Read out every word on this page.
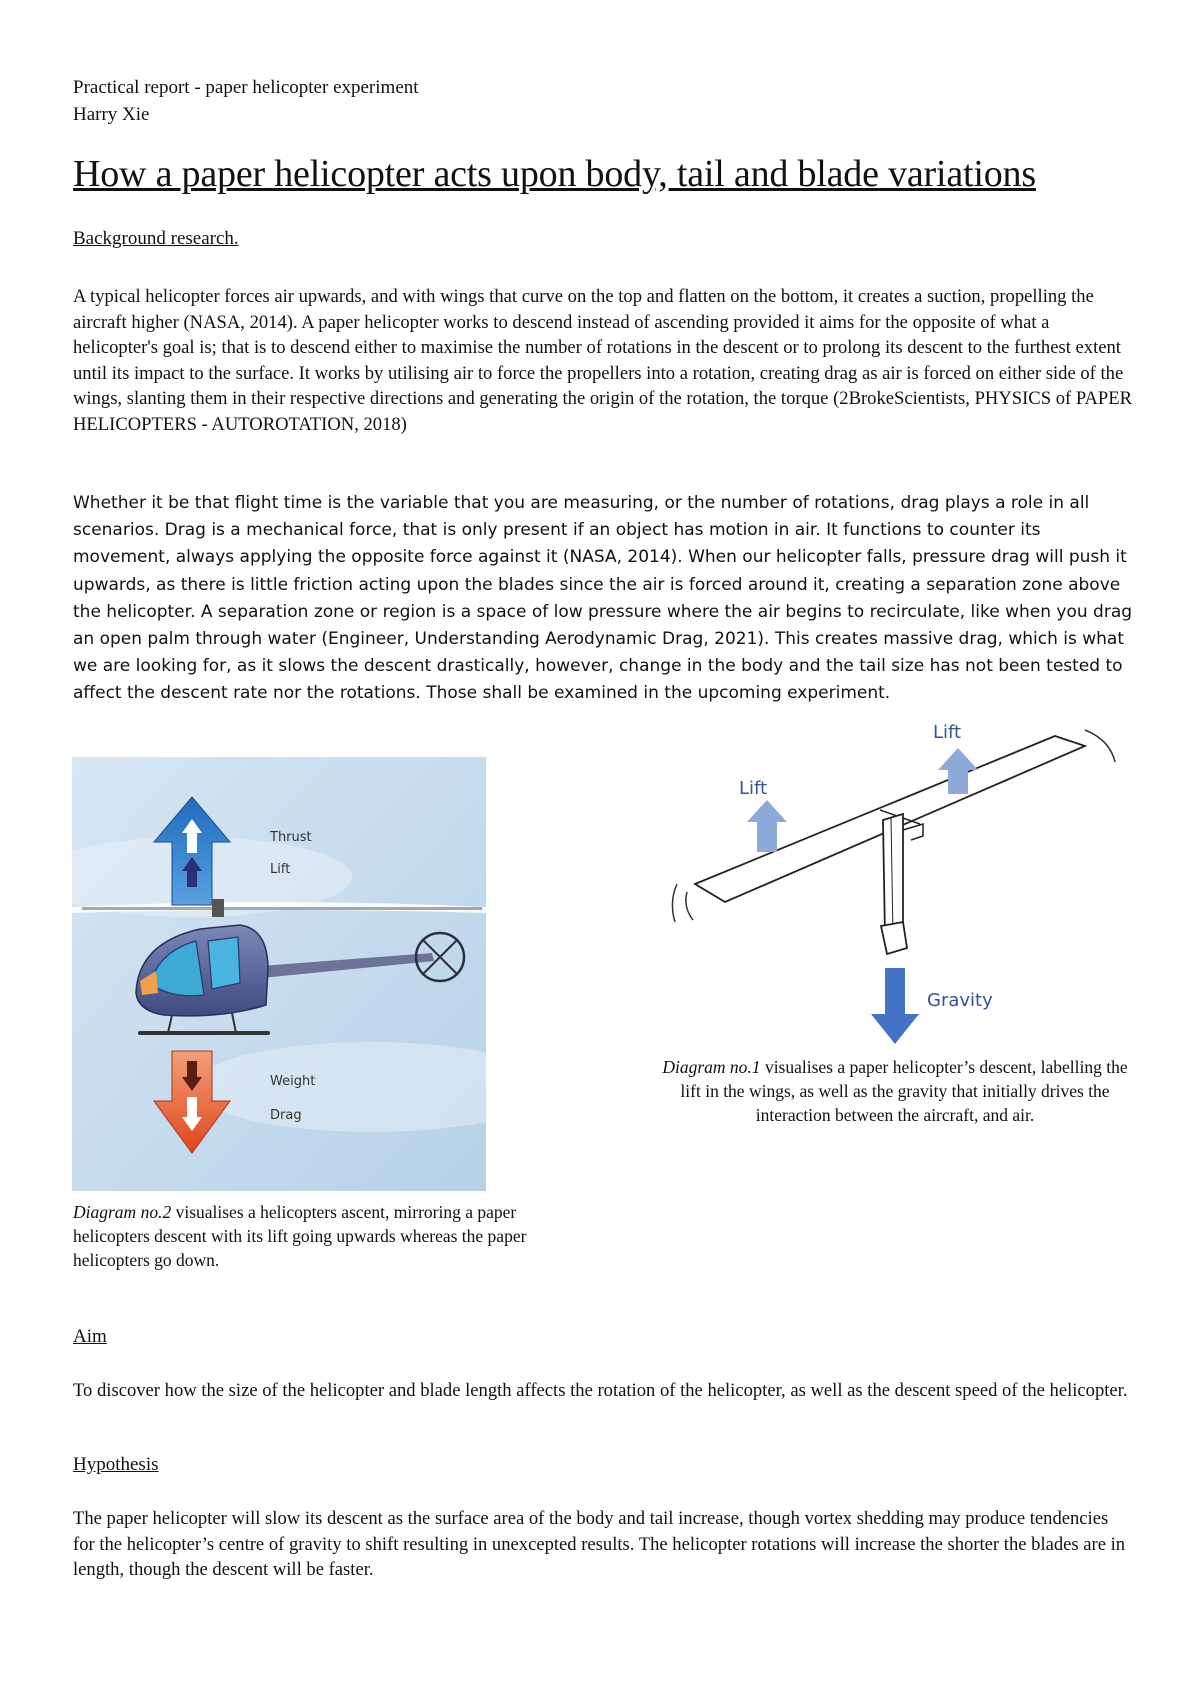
Practical report - paper helicopter experiment
Harry Xie
How a paper helicopter acts upon body, tail and blade variations
Background research.
A typical helicopter forces air upwards, and with wings that curve on the top and flatten on the bottom, it creates a suction, propelling the aircraft higher (NASA, 2014). A paper helicopter works to descend instead of ascending provided it aims for the opposite of what a helicopter's goal is; that is to descend either to maximise the number of rotations in the descent or to prolong its descent to the furthest extent until its impact to the surface. It works by utilising air to force the propellers into a rotation, creating drag as air is forced on either side of the wings, slanting them in their respective directions and generating the origin of the rotation, the torque (2BrokeScientists, PHYSICS of PAPER HELICOPTERS - AUTOROTATION, 2018)
Whether it be that flight time is the variable that you are measuring, or the number of rotations, drag plays a role in all scenarios. Drag is a mechanical force, that is only present if an object has motion in air. It functions to counter its movement, always applying the opposite force against it (NASA, 2014). When our helicopter falls, pressure drag will push it upwards, as there is little friction acting upon the blades since the air is forced around it, creating a separation zone above the helicopter. A separation zone or region is a space of low pressure where the air begins to recirculate, like when you drag an open palm through water (Engineer, Understanding Aerodynamic Drag, 2021). This creates massive drag, which is what we are looking for, as it slows the descent drastically, however, change in the body and the tail size has not been tested to affect the descent rate nor the rotations. Those shall be examined in the upcoming experiment.
Thrust
Lift
Weight
Drag
Lift
Lift
Gravity
Diagram no.1 visualises a paper helicopter’s descent, labelling the lift in the wings, as well as the gravity that initially drives the interaction between the aircraft, and air.
Diagram no.2 visualises a helicopters ascent, mirroring a paper helicopters descent with its lift going upwards whereas the paper helicopters go down.
Aim
To discover how the size of the helicopter and blade length affects the rotation of the helicopter, as well as the descent speed of the helicopter.
Hypothesis
The paper helicopter will slow its descent as the surface area of the body and tail increase, though vortex shedding may produce tendencies for the helicopter’s centre of gravity to shift resulting in unexcepted results. The helicopter rotations will increase the shorter the blades are in length, though the descent will be faster.
